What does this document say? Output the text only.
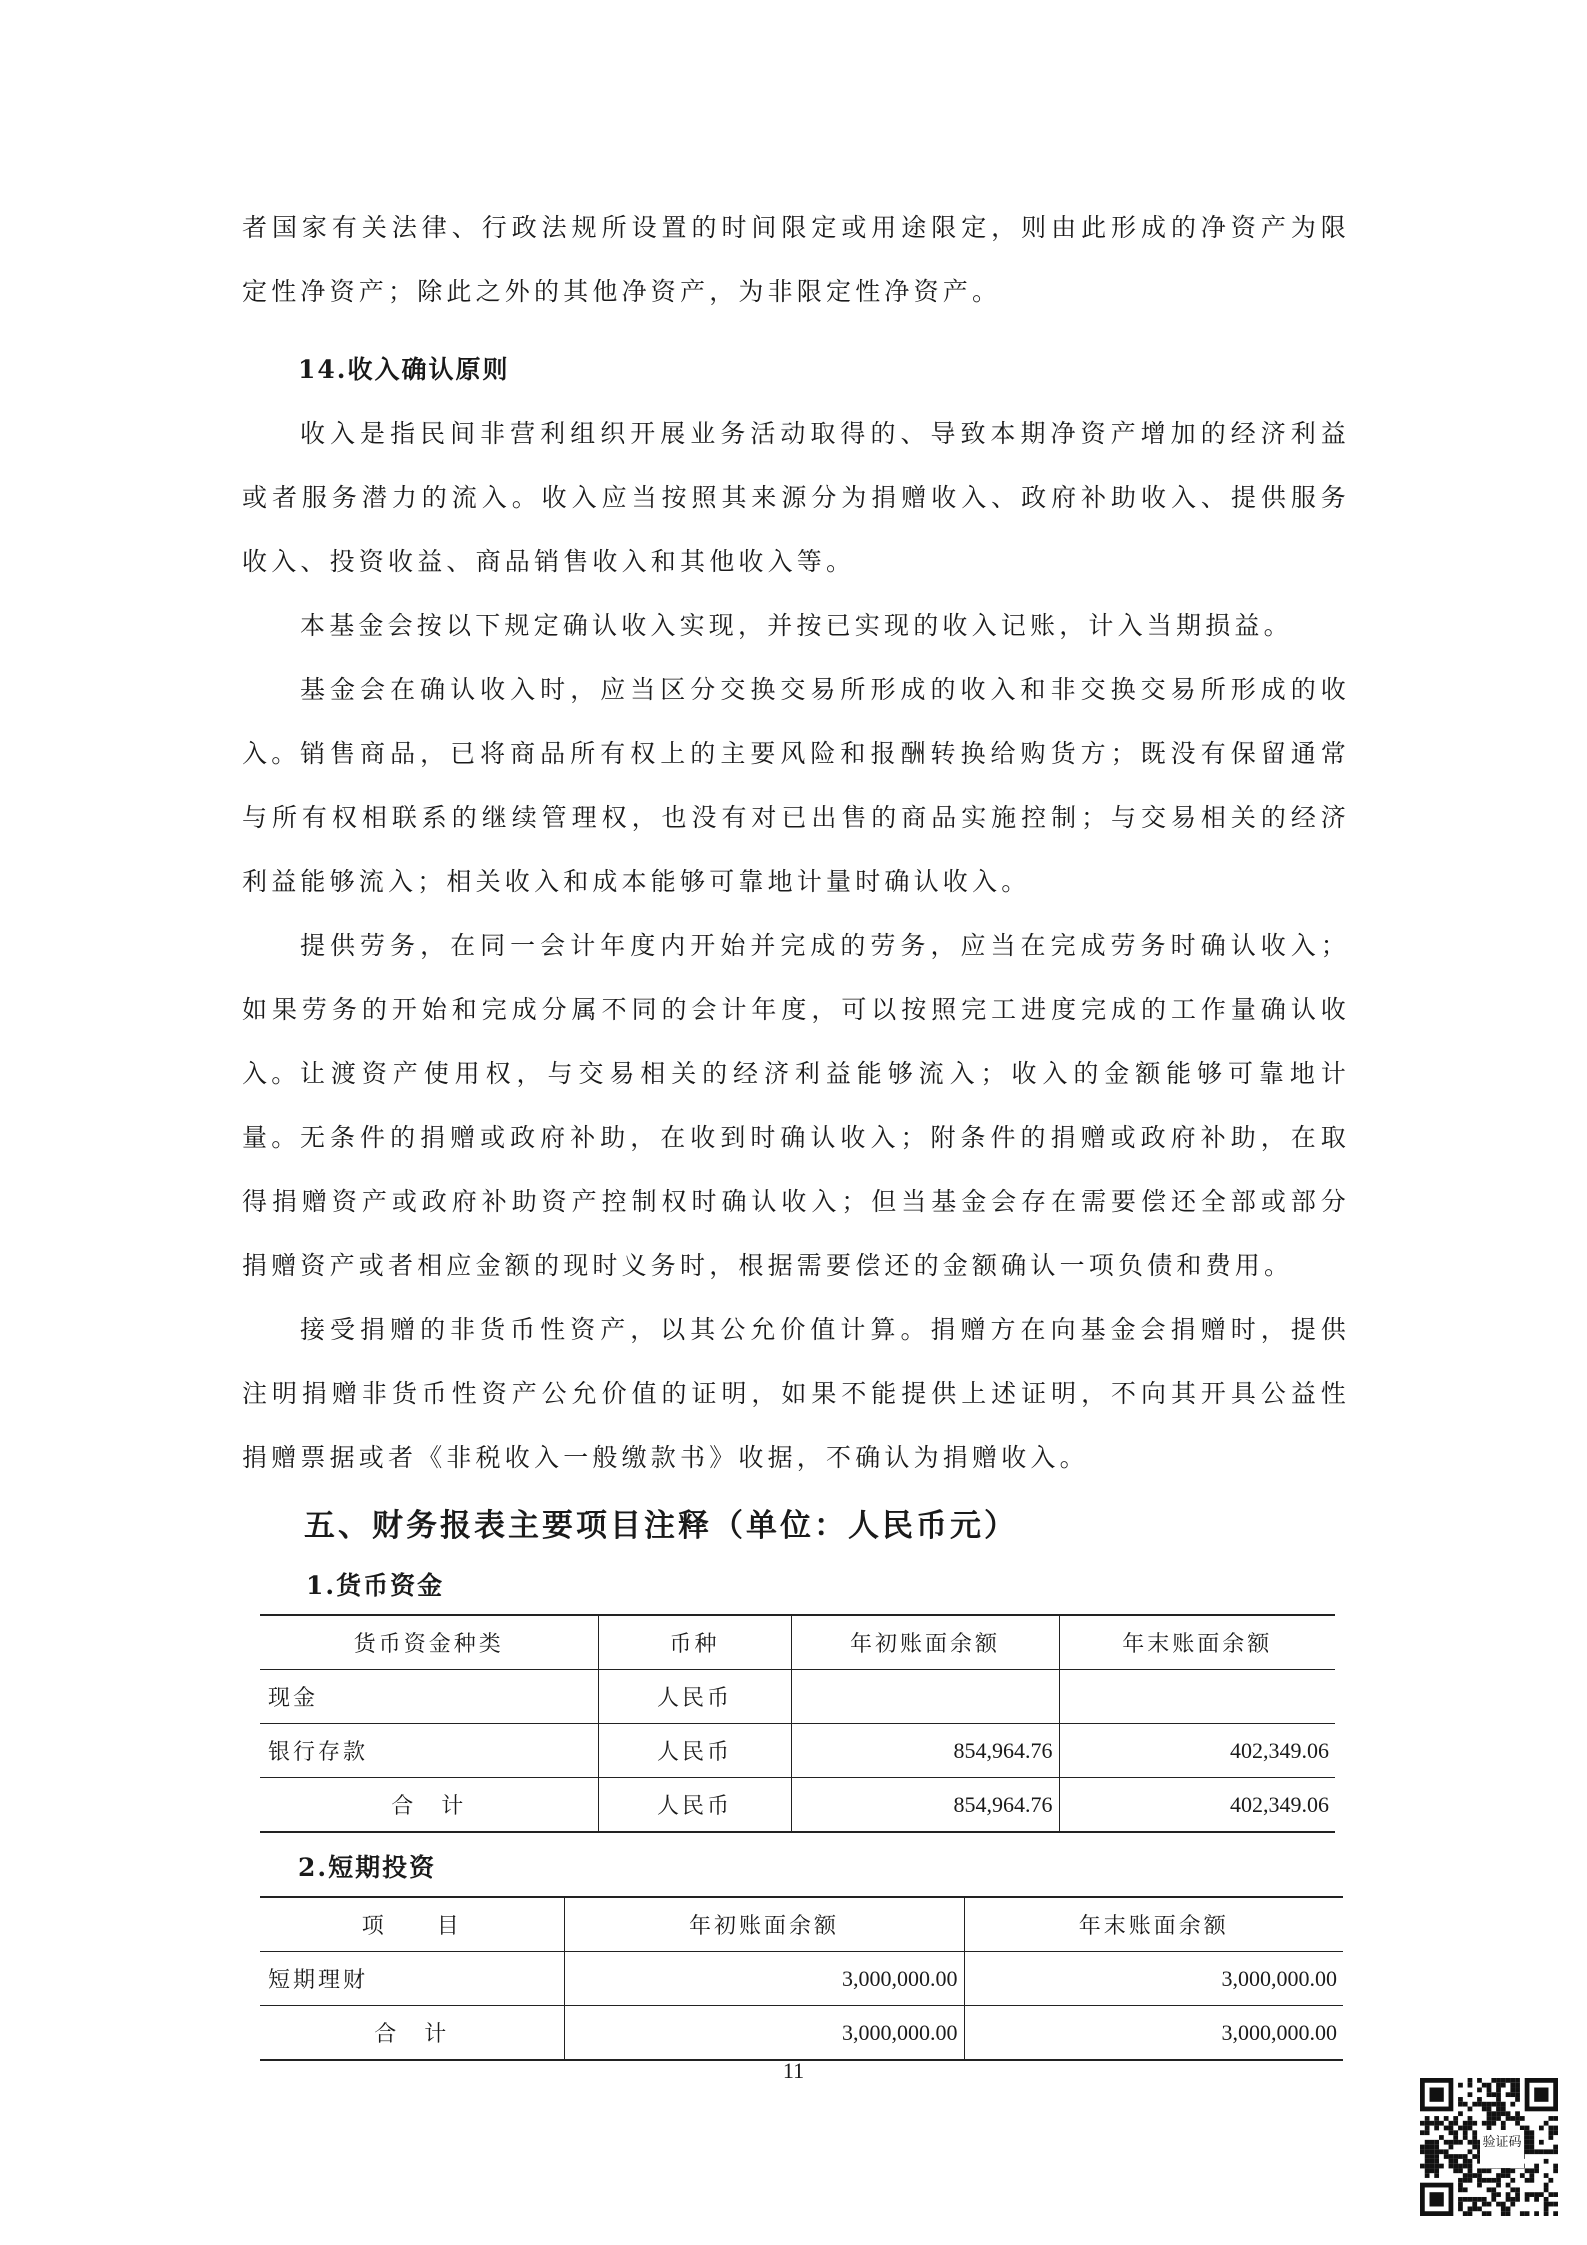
者国家有关法律、行政法规所设置的时间限定或用途限定，则由此形成的净资产为限定性净资产；除此之外的其他净资产，为非限定性净资产。

14.收入确认原则

收入是指民间非营利组织开展业务活动取得的、导致本期净资产增加的经济利益或者服务潜力的流入。收入应当按照其来源分为捐赠收入、政府补助收入、提供服务收入、投资收益、商品销售收入和其他收入等。

本基金会按以下规定确认收入实现，并按已实现的收入记账，计入当期损益。

基金会在确认收入时，应当区分交换交易所形成的收入和非交换交易所形成的收入。 销售商品，已将商品所有权上的主要风险和报酬转换给购货方；既没有保留通常与所有权相联系的继续管理权，也没有对已出售的商品实施控制；与交易相关的经济利益能够流入；相关收入和成本能够可靠地计量时确认收入。

提供劳务，在同一会计年度内开始并完成的劳务，应当在完成劳务时确认收入；如果劳务的开始和完成分属不同的会计年度，可以按照完工进度完成的工作量确认收入。 让渡资产使用权，与交易相关的经济利益能够流入；收入的金额能够可靠地计量。 无条件的捐赠或政府补助，在收到时确认收入；附条件的捐赠或政府补助，在取得捐赠资产或政府补助资产控制权时确认收入；但当基金会存在需要偿还全部或部分捐赠资产或者相应金额的现时义务时，根据需要偿还的金额确认一项负债和费用。

接受捐赠的非货币性资产，以其公允价值计算。捐赠方在向基金会捐赠时，提供注明捐赠非货币性资产公允价值的证明，如果不能提供上述证明，不向其开具公益性捐赠票据或者《非税收入一般缴款书》收据，不确认为捐赠收入。

五、财务报表主要项目注释（单位：人民币元）

1.货币资金

货币资金种类	币种	年初账面余额	年末账面余额
现金	人民币		
银行存款	人民币	854,964.76	402,349.06
合　计	人民币	854,964.76	402,349.06

2.短期投资

项　　目	年初账面余额	年末账面余额
短期理财	3,000,000.00	3,000,000.00
合　计	3,000,000.00	3,000,000.00
11
验证码
